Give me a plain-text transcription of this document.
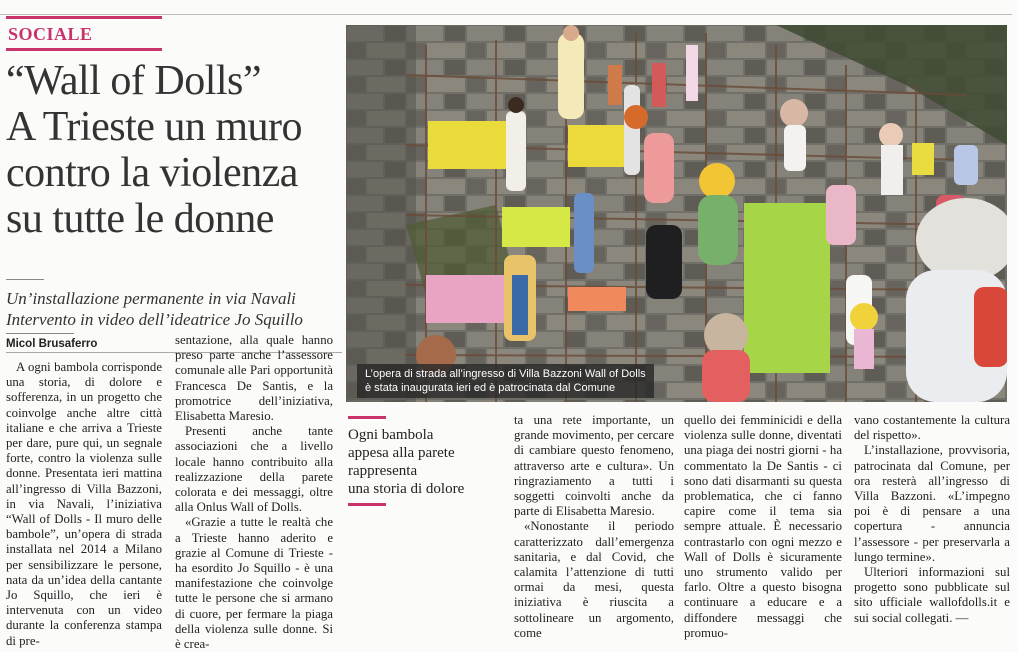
SOCIALE
“Wall of Dolls”
A Trieste un muro
contro la violenza
su tutte le donne
Un’installazione permanente in via Navali
Intervento in video dell’ideatrice Jo Squillo
Micol Brusaferro
L’opera di strada all’ingresso di Villa Bazzoni Wall of Dolls
è stata inaugurata ieri ed è patrocinata dal Comune
Ogni bambola
appesa alla parete
rappresenta
una storia di dolore

A ogni bambola corrisponde una storia, di dolore e sofferenza, in un progetto che coinvolge anche altre città italiane e che arriva a Trieste per dare, pure qui, un segnale forte, contro la violenza sulle donne. Presentata ieri mattina all’ingresso di Villa Bazzoni, in via Navali, l’iniziativa “Wall of Dolls - Il muro delle bambole”, un’opera di strada installata nel 2014 a Milano per sensibilizzare le persone, nata da un’idea della cantante Jo Squillo, che ieri è intervenuta con un video durante la conferenza stampa di pre-

sentazione, alla quale hanno preso parte anche l’assessore comunale alle Pari opportunità Francesca De Santis, e la promotrice dell’iniziativa, Elisabetta Maresio.

Presenti anche tante associazioni che a livello locale hanno contribuito alla realizzazione della parete colorata e dei messaggi, oltre alla Onlus Wall of Dolls.

«Grazie a tutte le realtà che a Trieste hanno aderito e grazie al Comune di Trieste - ha esordito Jo Squillo - è una manifestazione che coinvolge tutte le persone che si armano di cuore, per fermare la piaga della violenza sulle donne. Si è crea-

ta una rete importante, un grande movimento, per cercare di cambiare questo fenomeno, attraverso arte e cultura». Un ringraziamento a tutti i soggetti coinvolti anche da parte di Elisabetta Maresio.

«Nonostante il periodo caratterizzato dall’emergenza sanitaria, e dal Covid, che calamita l’attenzione di tutti ormai da mesi, questa iniziativa è riuscita a sottolineare un argomento, come

quello dei femminicidi e della violenza sulle donne, diventati una piaga dei nostri giorni - ha commentato la De Santis - ci sono dati disarmanti su questa problematica, che ci fanno capire come il tema sia sempre attuale. È necessario contrastarlo con ogni mezzo e Wall of Dolls è sicuramente uno strumento valido per farlo. Oltre a questo bisogna continuare a educare e a diffondere messaggi che promuo-

vano costantemente la cultura del rispetto».

L’installazione, provvisoria, patrocinata dal Comune, per ora resterà all’ingresso di Villa Bazzoni. «L’impegno poi è di pensare a una copertura - annuncia l’assessore - per preservarla a lungo termine».

Ulteriori informazioni sul progetto sono pubblicate sul sito ufficiale wallofdolls.it e sui social collegati. —
